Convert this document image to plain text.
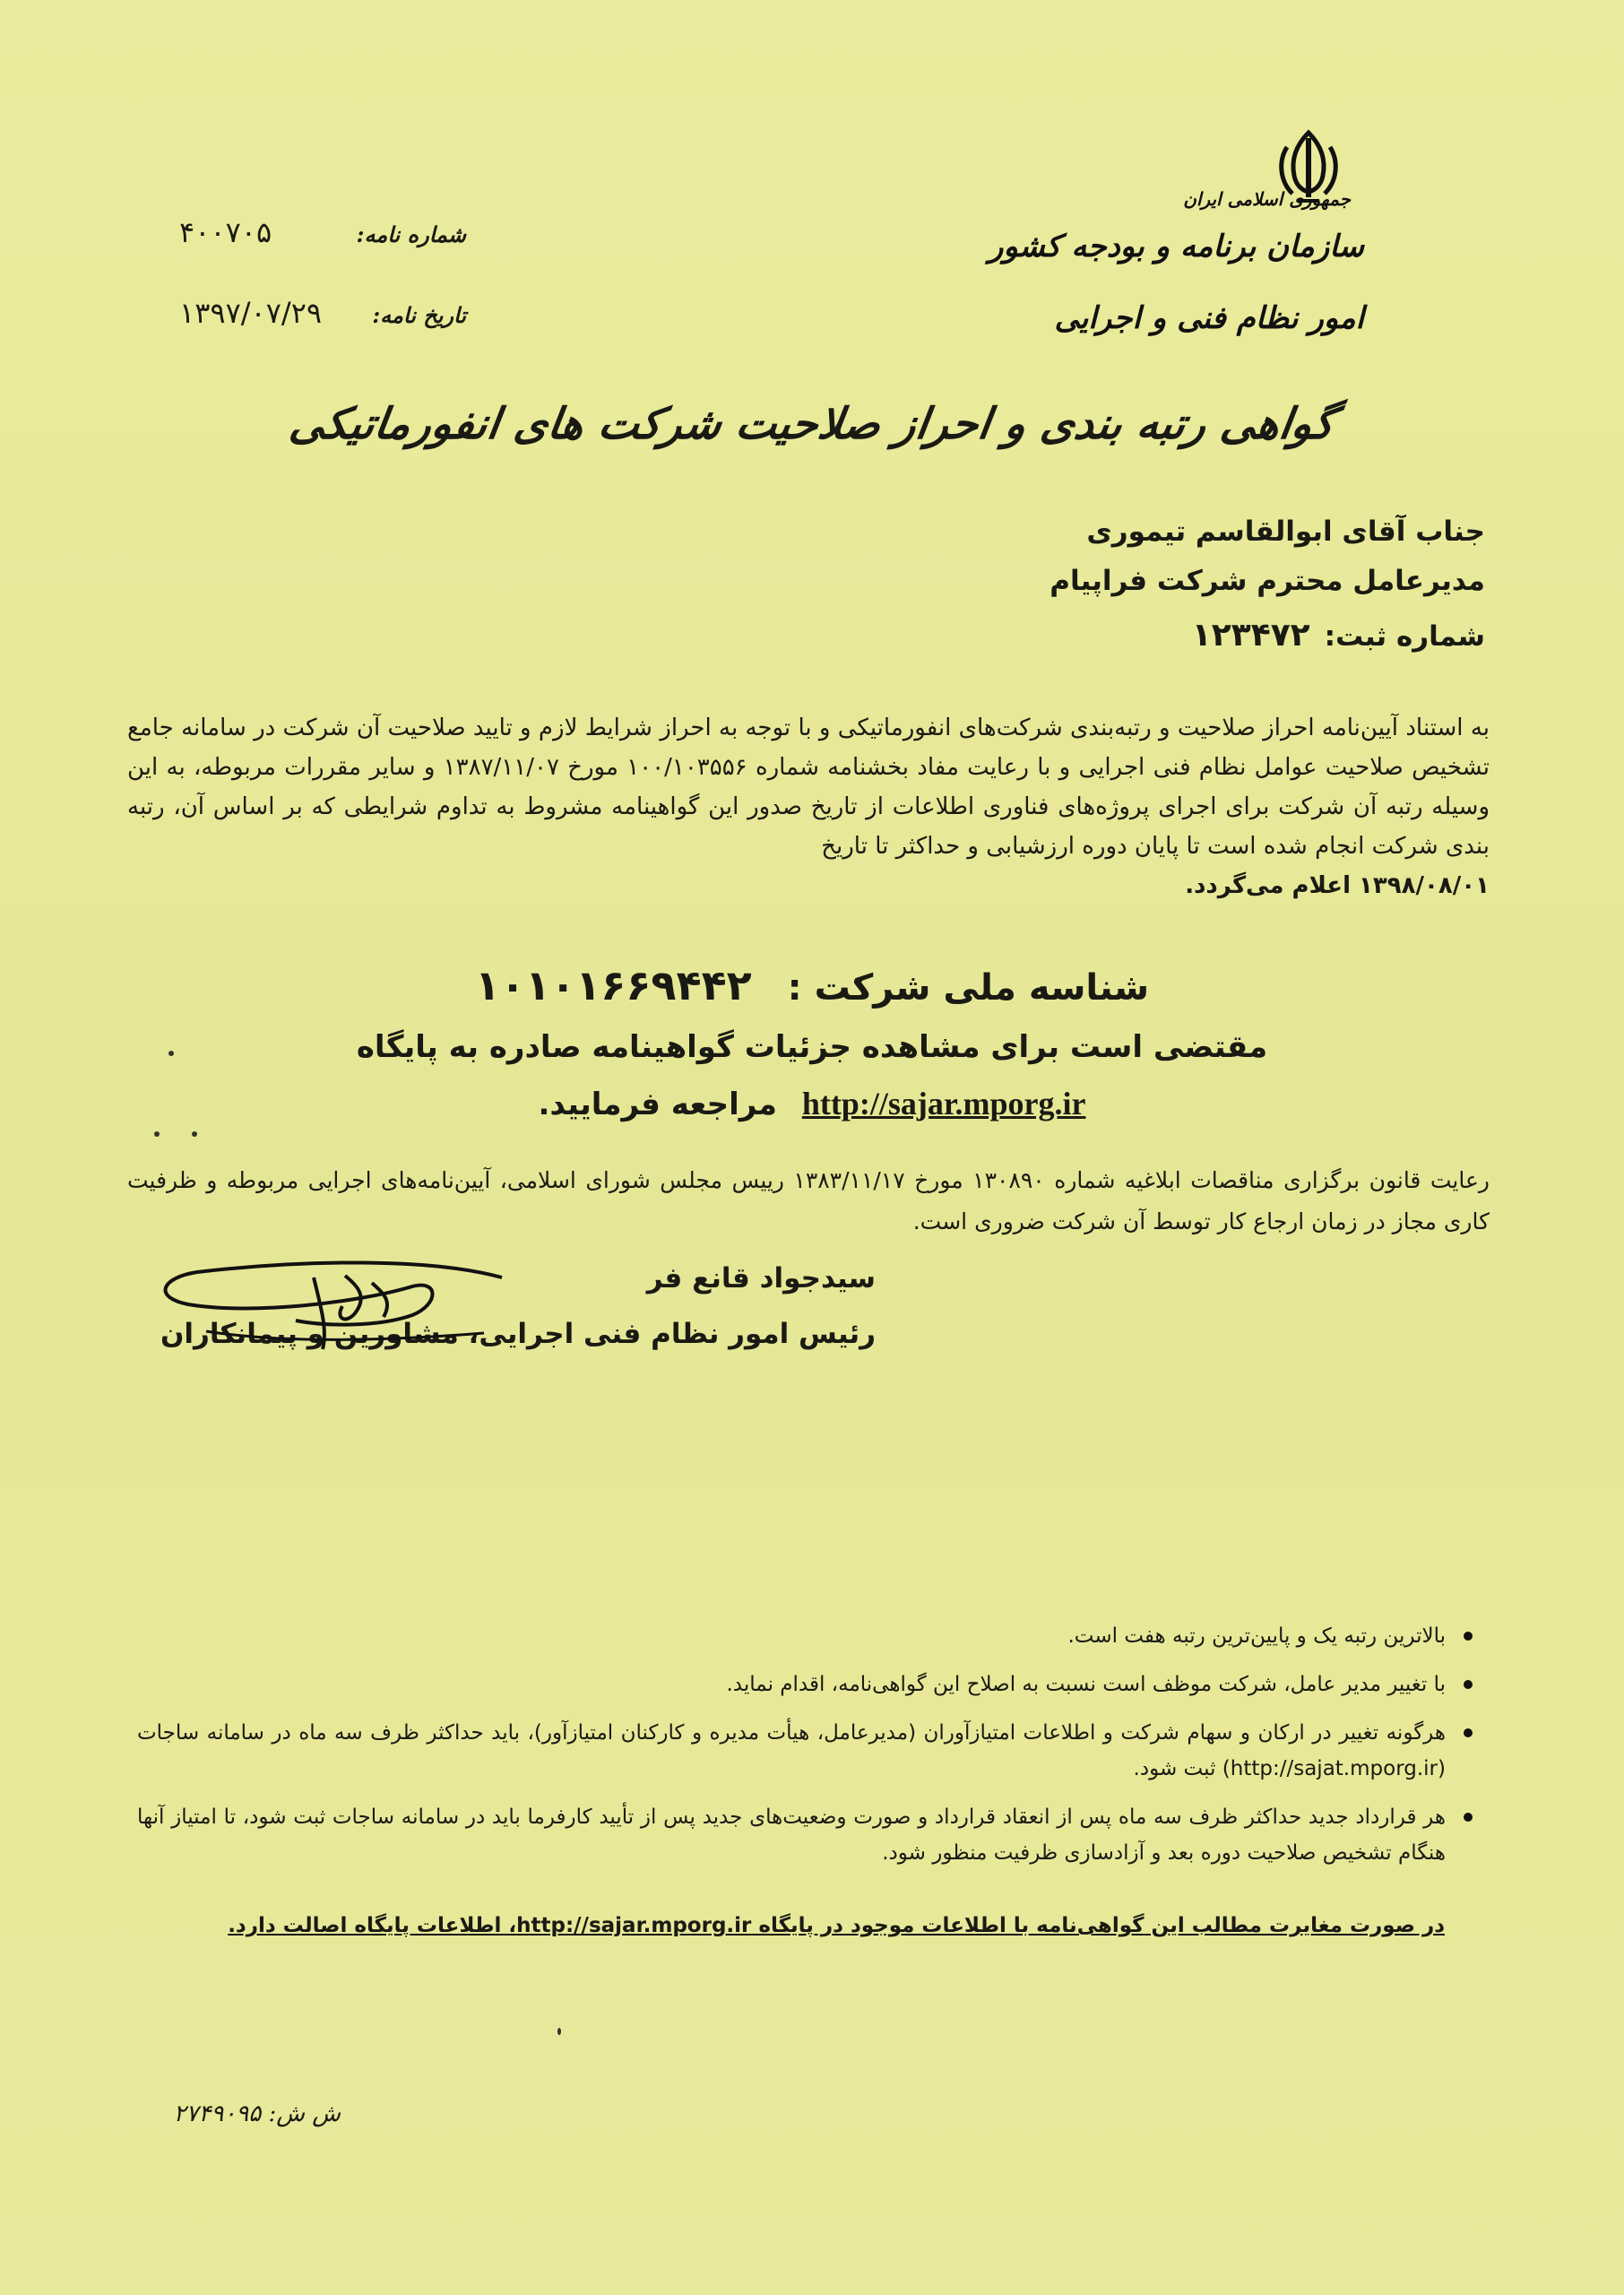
جمهوری اسلامی ایران
سازمان برنامه و بودجه کشور
امور نظام فنی و اجرایی
شماره نامه:
۴۰۰۷۰۵
تاریخ نامه:
۱۳۹۷/۰۷/۲۹
گواهی رتبه بندی و احراز صلاحیت شرکت های انفورماتیکی
جناب آقای ابوالقاسم تیموری
مدیرعامل محترم شرکت فراپیام
شماره ثبت:
۱۲۳۴۷۲
به استناد آیین‌نامه احراز صلاحیت و رتبه‌بندی شرکت‌های انفورماتیکی و با توجه به احراز شرایط لازم و تایید صلاحیت آن شرکت در سامانه جامع تشخیص صلاحیت عوامل نظام فنی اجرایی و با رعایت مفاد بخشنامه شماره ۱۰۰/۱۰۳۵۵۶ مورخ ۱۳۸۷/۱۱/۰۷ و سایر مقررات مربوطه، به این وسیله رتبه آن شرکت برای اجرای پروژه‌های فناوری اطلاعات از تاریخ صدور این گواهینامه مشروط به تداوم شرایطی که بر اساس آن، رتبه بندی شرکت انجام شده است تا پایان دوره ارزشیابی و حداکثر تا تاریخ
۱۳۹۸/۰۸/۰۱ اعلام می‌گردد.
شناسه ملی شرکت : ۱۰۱۰۱۶۶۹۴۴۲
مقتضی است برای مشاهده جزئیات گواهینامه صادره به پایگاه
http://sajar.mporg.ir مراجعه فرمایید.
رعایت قانون برگزاری مناقصات ابلاغیه شماره ۱۳۰۸۹۰ مورخ ۱۳۸۳/۱۱/۱۷ رییس مجلس شورای اسلامی، آیین‌نامه‌های اجرایی مربوطه و ظرفیت کاری مجاز در زمان ارجاع کار توسط آن شرکت ضروری است.
سیدجواد قانع فر
رئیس امور نظام فنی اجرایی، مشاورین و پیمانکاران
بالاترین رتبه یک و پایین‌ترین رتبه هفت است.
با تغییر مدیر عامل، شرکت موظف است نسبت به اصلاح این گواهی‌نامه، اقدام نماید.
هرگونه تغییر در ارکان و سهام شرکت و اطلاعات امتیازآوران (مدیرعامل، هیأت مدیره و کارکنان امتیازآور)، باید حداکثر ظرف سه ماه در سامانه ساجات (http://sajat.mporg.ir) ثبت شود.
هر قرارداد جدید حداکثر ظرف سه ماه پس از انعقاد قرارداد و صورت وضعیت‌های جدید پس از تأیید کارفرما باید در سامانه ساجات ثبت شود، تا امتیاز آنها هنگام تشخیص صلاحیت دوره بعد و آزادسازی ظرفیت منظور شود.
در صورت مغایرت مطالب این گواهی‌نامه با اطلاعات موجود در پایگاه http://sajar.mporg.ir، اطلاعات پایگاه اصالت دارد.
ش ش: ۲۷۴۹۰۹۵
